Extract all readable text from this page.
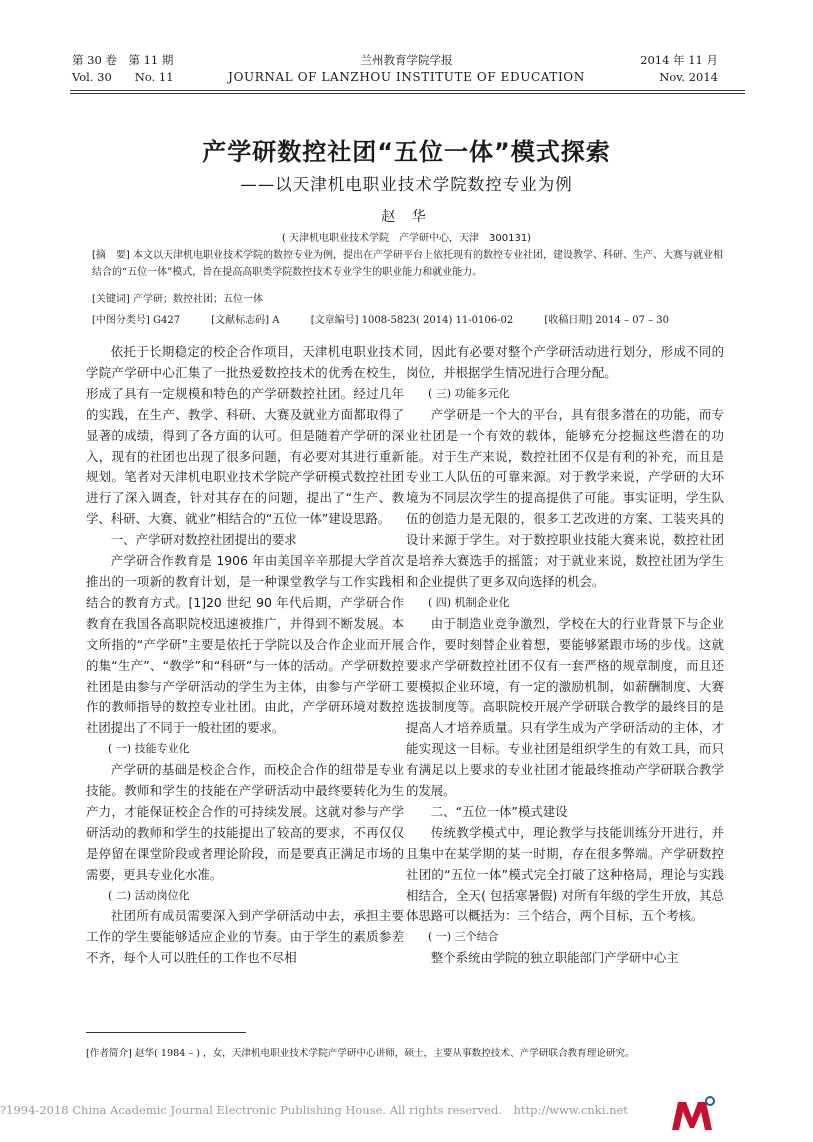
第 30 卷　第 11 期
Vol. 30　　No. 11
兰州教育学院学报
JOURNAL OF LANZHOU INSTITUTE OF EDUCATION
2014 年 11 月
Nov. 2014
产学研数控社团“五位一体”模式探索
——以天津机电职业技术学院数控专业为例
赵 华
( 天津机电职业技术学院　产学研中心，天津　300131)
[摘　要] 本文以天津机电职业技术学院的数控专业为例，提出在产学研平台上依托现有的数控专业社团，建设教学、科研、生产、大赛与就业相结合的“五位一体”模式，旨在提高高职类学院数控技术专业学生的职业能力和就业能力。
[关键词] 产学研；数控社团；五位一体
[中图分类号] G427	[文献标志码] A	[文章编号] 1008-5823( 2014) 11-0106-02	[收稿日期] 2014 – 07 – 30

依托于长期稳定的校企合作项目，天津机电职业技术学院产学研中心汇集了一批热爱数控技术的优秀在校生，形成了具有一定规模和特色的产学研数控社团。经过几年的实践，在生产、教学、科研、大赛及就业方面都取得了显著的成绩，得到了各方面的认可。但是随着产学研的深入，现有的社团也出现了很多问题，有必要对其进行重新规划。笔者对天津机电职业技术学院产学研模式数控社团进行了深入调查，针对其存在的问题，提出了“生产、教学、科研、大赛、就业”相结合的“五位一体”建设思路。

一、产学研对数控社团提出的要求

产学研合作教育是 1906 年由美国辛辛那提大学首次推出的一项新的教育计划，是一种课堂教学与工作实践相结合的教育方式。[1]20 世纪 90 年代后期，产学研合作教育在我国各高职院校迅速被推广，并得到不断发展。本文所指的“产学研”主要是依托于学院以及合作企业而开展的集“生产”、“教学”和“科研”与一体的活动。产学研数控社团是由参与产学研活动的学生为主体，由参与产学研工作的教师指导的数控专业社团。由此，产学研环境对数控社团提出了不同于一般社团的要求。

( 一) 技能专业化

产学研的基础是校企合作，而校企合作的纽带是专业技能。教师和学生的技能在产学研活动中最终要转化为生产力，才能保证校企合作的可持续发展。这就对参与产学研活动的教师和学生的技能提出了较高的要求，不再仅仅是停留在课堂阶段或者理论阶段，而是要真正满足市场的需要，更具专业化水准。

( 二) 活动岗位化

社团所有成员需要深入到产学研活动中去，承担主要工作的学生要能够适应企业的节奏。由于学生的素质参差不齐，每个人可以胜任的工作也不尽相

同，因此有必要对整个产学研活动进行划分，形成不同的岗位，并根据学生情况进行合理分配。

( 三) 功能多元化

产学研是一个大的平台，具有很多潜在的功能，而专业社团是一个有效的载体，能够充分挖掘这些潜在的功能。对于生产来说，数控社团不仅是有利的补充，而且是专业工人队伍的可靠来源。对于教学来说，产学研的大环境为不同层次学生的提高提供了可能。事实证明，学生队伍的创造力是无限的，很多工艺改进的方案、工装夹具的设计来源于学生。对于数控职业技能大赛来说，数控社团是培养大赛选手的摇篮；对于就业来说，数控社团为学生和企业提供了更多双向选择的机会。

( 四) 机制企业化

由于制造业竞争激烈，学校在大的行业背景下与企业合作，要时刻替企业着想，要能够紧跟市场的步伐。这就要求产学研数控社团不仅有一套严格的规章制度，而且还要模拟企业环境，有一定的激励机制，如薪酬制度、大赛选拔制度等。高职院校开展产学研联合教学的最终目的是提高人才培养质量。只有学生成为产学研活动的主体，才能实现这一目标。专业社团是组织学生的有效工具，而只有满足以上要求的专业社团才能最终推动产学研联合教学的发展。

二、“五位一体”模式建设

传统教学模式中，理论教学与技能训练分开进行，并且集中在某学期的某一时期，存在很多弊端。产学研数控社团的“五位一体”模式完全打破了这种格局，理论与实践相结合，全天( 包括寒暑假) 对所有年级的学生开放，其总体思路可以概括为：三个结合，两个目标，五个考核。

( 一) 三个结合

整个系统由学院的独立职能部门产学研中心主

[作者简介] 赵华( 1984 – ) ，女，天津机电职业技术学院产学研中心讲师，硕士，主要从事数控技术、产学研联合教育理论研究。
?1994-2018 China Academic Journal Electronic Publishing House. All rights reserved.　http://www.cnki.net
